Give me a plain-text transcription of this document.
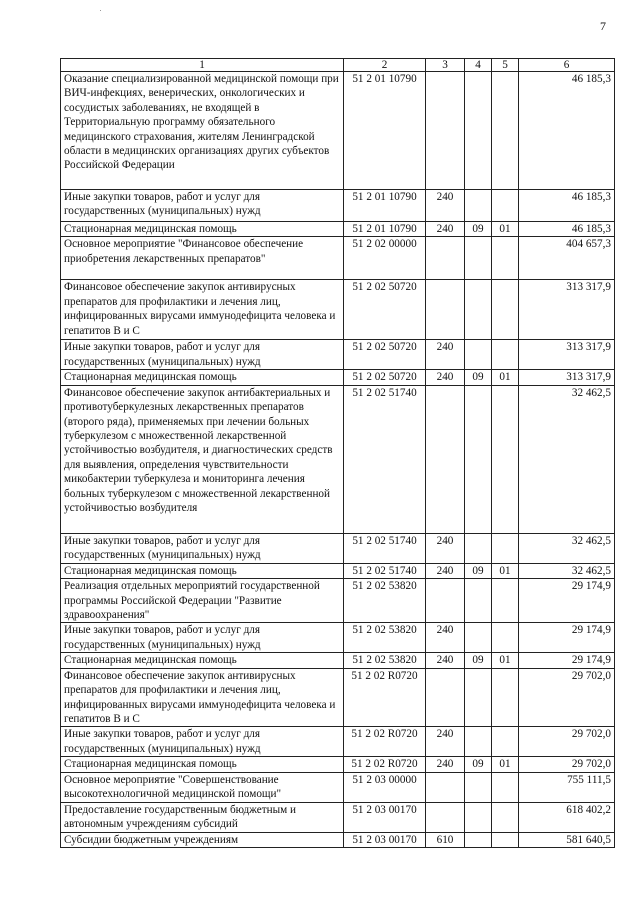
7
1	2	3	4	5	6
Оказание специализированной медицинской помощи при ВИЧ-инфекциях, венерических, онкологических и сосудистых заболеваниях, не входящей в Территориальную программу обязательного медицинского страхования, жителям Ленинградской области в медицинских организациях других субъектов Российской Федерации	51 2 01 10790				46 185,3
Иные закупки товаров, работ и услуг для государственных (муниципальных) нужд	51 2 01 10790	240			46 185,3
Стационарная медицинская помощь	51 2 01 10790	240	09	01	46 185,3
Основное мероприятие "Финансовое обеспечение приобретения лекарственных препаратов"	51 2 02 00000				404 657,3
Финансовое обеспечение закупок антивирусных препаратов для профилактики и лечения лиц, инфицированных вирусами иммунодефицита человека и гепатитов В и С	51 2 02 50720				313 317,9
Иные закупки товаров, работ и услуг для государственных (муниципальных) нужд	51 2 02 50720	240			313 317,9
Стационарная медицинская помощь	51 2 02 50720	240	09	01	313 317,9
Финансовое обеспечение закупок антибактериальных и противотуберкулезных лекарственных препаратов (второго ряда), применяемых при лечении больных туберкулезом с множественной лекарственной устойчивостью возбудителя, и диагностических средств для выявления, определения чувствительности микобактерии туберкулеза и мониторинга лечения больных туберкулезом с множественной лекарственной устойчивостью возбудителя	51 2 02 51740				32 462,5
Иные закупки товаров, работ и услуг для государственных (муниципальных) нужд	51 2 02 51740	240			32 462,5
Стационарная медицинская помощь	51 2 02 51740	240	09	01	32 462,5
Реализация отдельных мероприятий государственной программы Российской Федерации "Развитие здравоохранения"	51 2 02 53820				29 174,9
Иные закупки товаров, работ и услуг для государственных (муниципальных) нужд	51 2 02 53820	240			29 174,9
Стационарная медицинская помощь	51 2 02 53820	240	09	01	29 174,9
Финансовое обеспечение закупок антивирусных препаратов для профилактики и лечения лиц, инфицированных вирусами иммунодефицита человека и гепатитов В и С	51 2 02 R0720				29 702,0
Иные закупки товаров, работ и услуг для государственных (муниципальных) нужд	51 2 02 R0720	240			29 702,0
Стационарная медицинская помощь	51 2 02 R0720	240	09	01	29 702,0
Основное мероприятие "Совершенствование высокотехнологичной медицинской помощи"	51 2 03 00000				755 111,5
Предоставление государственным бюджетным и автономным учреждениям субсидий	51 2 03 00170				618 402,2
Субсидии бюджетным учреждениям	51 2 03 00170	610			581 640,5
